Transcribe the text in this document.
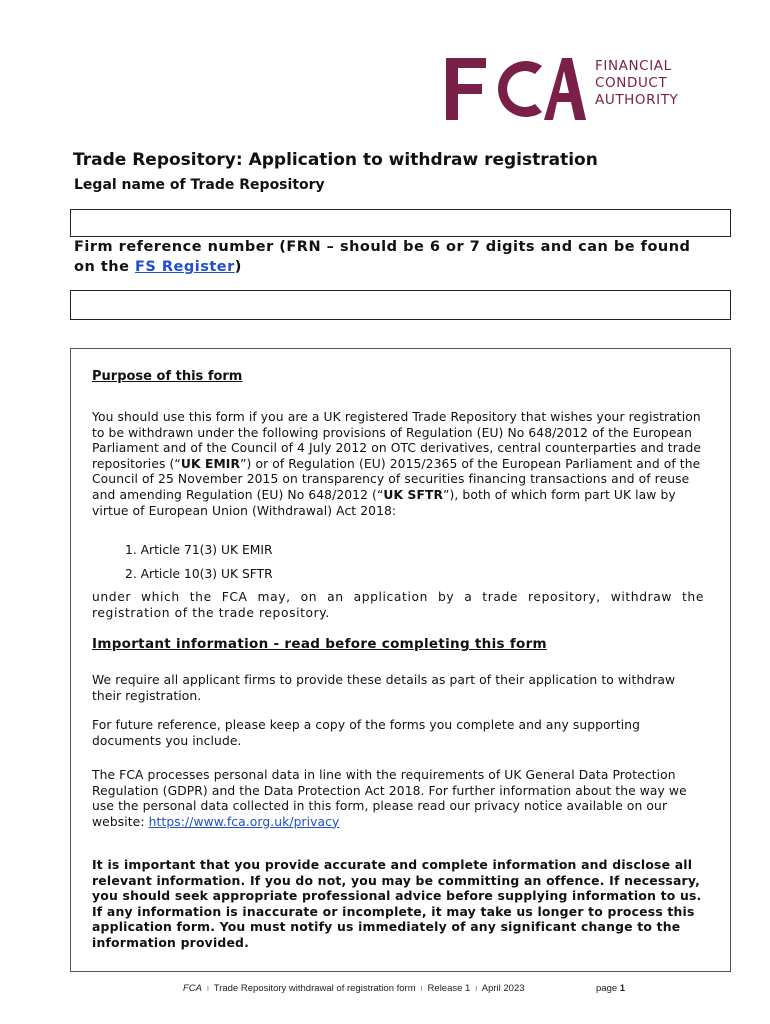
FINANCIAL
CONDUCT
AUTHORITY
Trade Repository: Application to withdraw registration

Legal name of Trade Repository

Firm reference number (FRN – should be 6 or 7 digits and can be found on the FS Register)

Purpose of this form

You should use this form if you are a UK registered Trade Repository that wishes your registration to be withdrawn under the following provisions of Regulation (EU) No 648/2012 of the European Parliament and of the Council of 4 July 2012 on OTC derivatives, central counterparties and trade repositories (“UK EMIR”) or of Regulation (EU) 2015/2365 of the European Parliament and of the Council of 25 November 2015 on transparency of securities financing transactions and of reuse and amending Regulation (EU) No 648/2012 (“UK SFTR”), both of which form part UK law by virtue of European Union (Withdrawal) Act 2018:

1. Article 71(3) UK EMIR

2. Article 10(3) UK SFTR

under which the FCA may, on an application by a trade repository, withdraw the registration of the trade repository.

Important information - read before completing this form

We require all applicant firms to provide these details as part of their application to withdraw their registration.

For future reference, please keep a copy of the forms you complete and any supporting documents you include.

The FCA processes personal data in line with the requirements of UK General Data Protection Regulation (GDPR) and the Data Protection Act 2018. For further information about the way we use the personal data collected in this form, please read our privacy notice available on our website: https://www.fca.org.uk/privacy

It is important that you provide accurate and complete information and disclose all relevant information. If you do not, you may be committing an offence. If necessary, you should seek appropriate professional advice before supplying information to us. If any information is inaccurate or incomplete, it may take us longer to process this application form. You must notify us immediately of any significant change to the information provided.

FCA ı Trade Repository withdrawal of registration form ı Release 1 ı April 2023	page 1
